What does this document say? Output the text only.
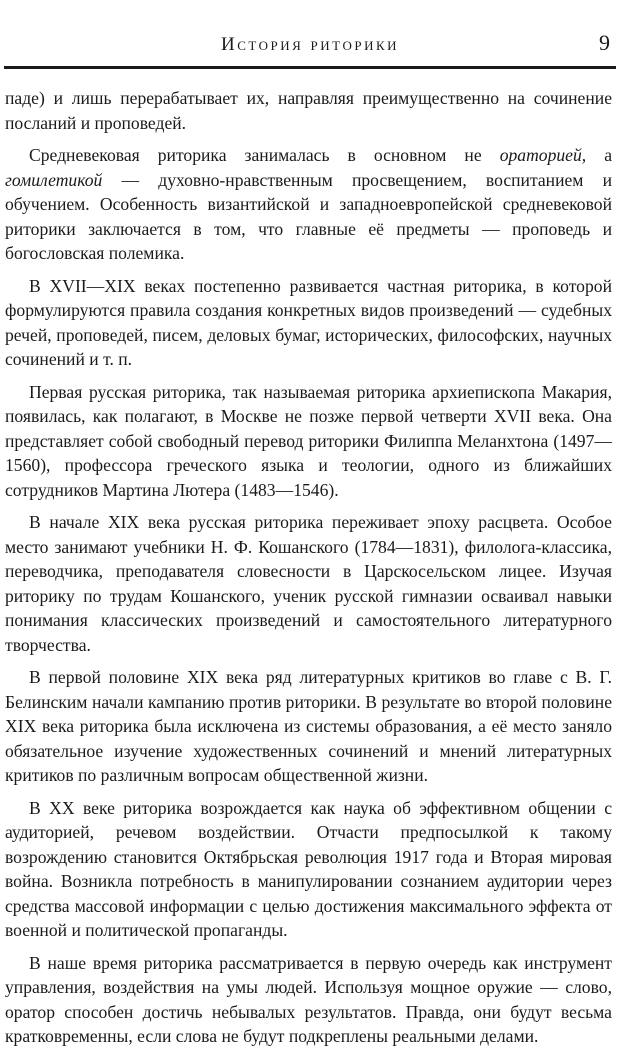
История риторики	9

паде) и лишь перерабатывает их, направляя преимущественно на сочинение посланий и проповедей.

Средневековая риторика занималась в основном не ораторией, а гомилетикой — духовно-нравственным просвещением, воспитанием и обучением. Особенность византийской и западноевропейской средневековой риторики заключается в том, что главные её предметы — проповедь и богословская полемика.

В XVII—XIX веках постепенно развивается частная риторика, в которой формулируются правила создания конкретных видов произведений — судебных речей, проповедей, писем, деловых бумаг, исторических, философских, научных сочинений и т. п.

Первая русская риторика, так называемая риторика архиепископа Макария, появилась, как полагают, в Москве не позже первой четверти XVII века. Она представляет собой свободный перевод риторики Филиппа Меланхтона (1497—1560), профессора греческого языка и теологии, одного из ближайших сотрудников Мартина Лютера (1483—1546).

В начале XIX века русская риторика переживает эпоху расцвета. Особое место занимают учебники Н. Ф. Кошанского (1784—1831), филолога-классика, переводчика, преподавателя словесности в Царскосельском лицее. Изучая риторику по трудам Кошанского, ученик русской гимназии осваивал навыки понимания классических произведений и самостоятельного литературного творчества.

В первой половине XIX века ряд литературных критиков во главе с В. Г. Белинским начали кампанию против риторики. В результате во второй половине XIX века риторика была исключена из системы образования, а её место заняло обязательное изучение художественных сочинений и мнений литературных критиков по различным вопросам общественной жизни.

В XX веке риторика возрождается как наука об эффективном общении с аудиторией, речевом воздействии. Отчасти предпосылкой к такому возрождению становится Октябрьская революция 1917 года и Вторая мировая война. Возникла потребность в манипулировании сознанием аудитории через средства массовой информации с целью достижения максимального эффекта от военной и политической пропаганды.

В наше время риторика рассматривается в первую очередь как инструмент управления, воздействия на умы людей. Используя мощное оружие — слово, оратор способен достичь небывалых результатов. Правда, они будут весьма кратковременны, если слова не будут подкреплены реальными делами.
